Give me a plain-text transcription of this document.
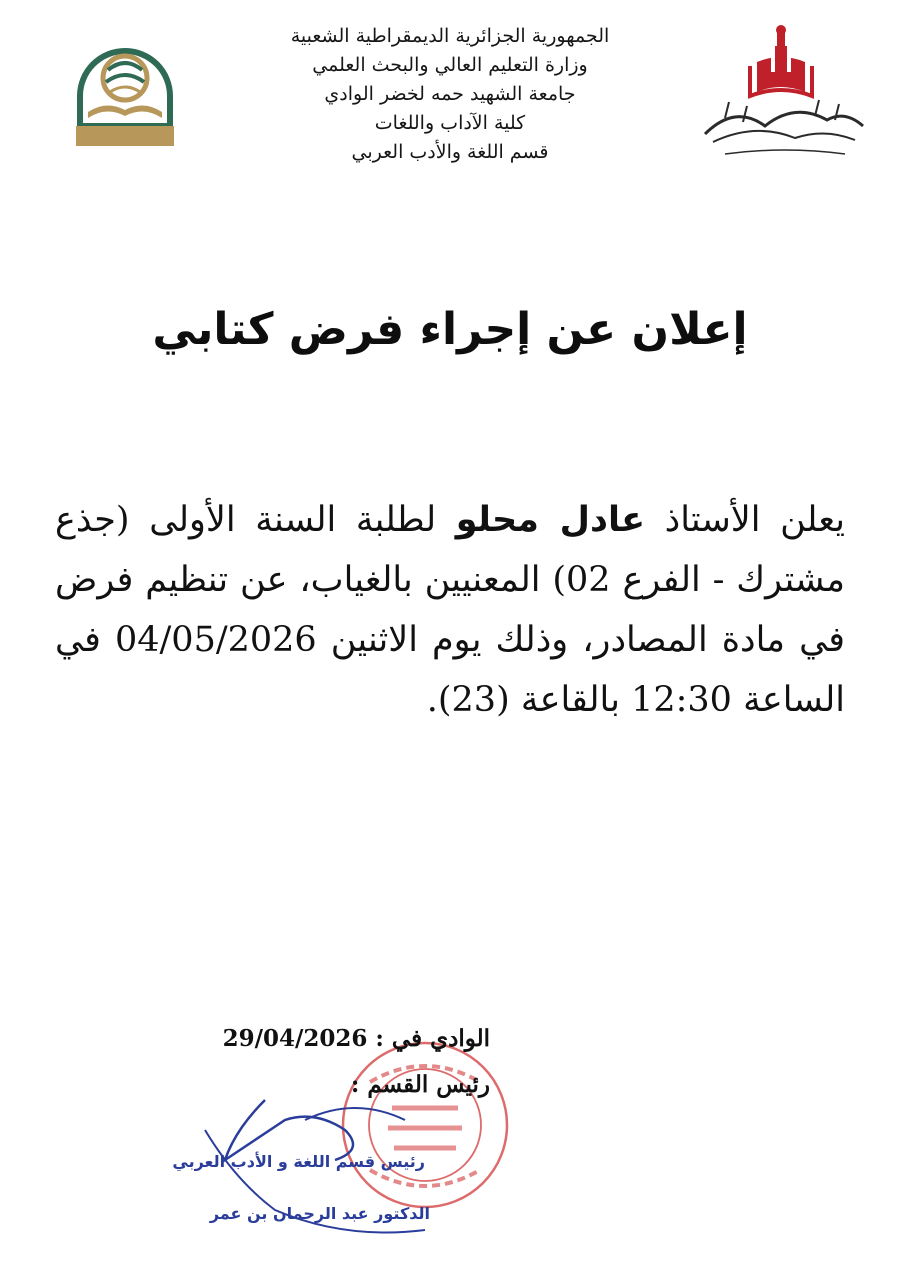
الجمهورية الجزائرية الديمقراطية الشعبية
وزارة التعليم العالي والبحث العلمي
جامعة الشهيد حمه لخضر الوادي
كلية الآداب واللغات
قسم اللغة والأدب العربي
إعلان عن إجراء فرض كتابي
يعلن الأستاذ عادل محلو لطلبة السنة الأولى (جذع مشترك - الفرع 02) المعنيين بالغياب، عن تنظيم فرض في مادة المصادر، وذلك يوم الاثنين 04/05/2026 في الساعة 12:30 بالقاعة (23).
الوادي في : 29/04/2026
رئيس القسم :
رئيس قسم اللغة و الأدب العربي
الدكتور عبد الرحمان بن عمر
